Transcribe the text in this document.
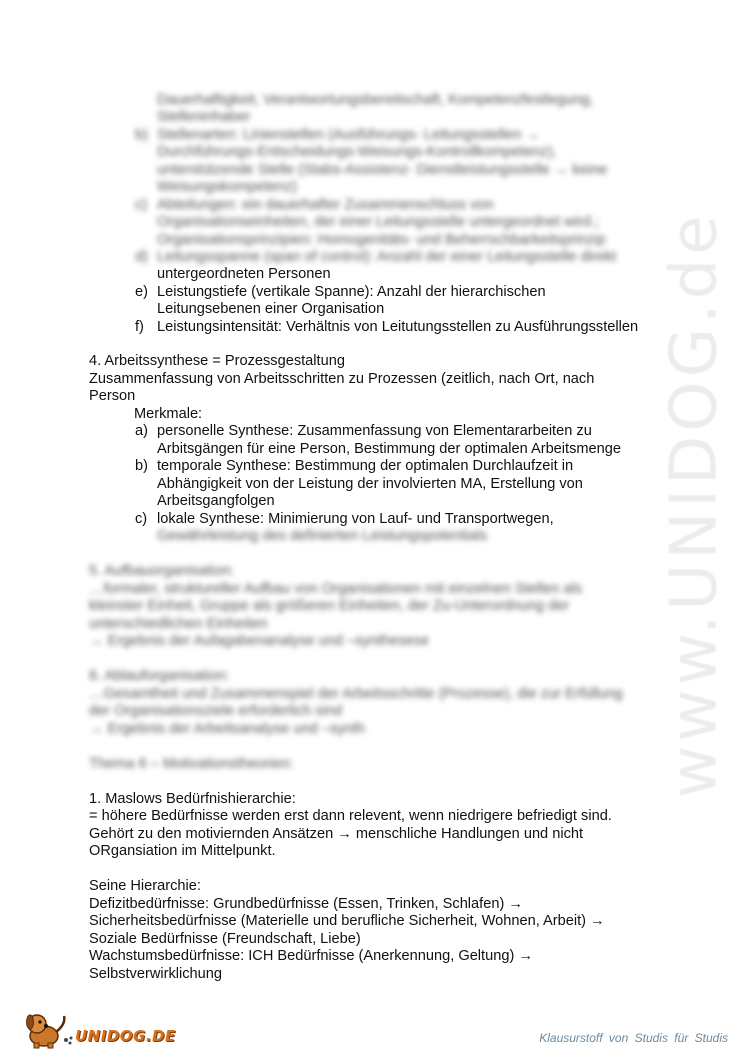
www.UNIDOG.de
Dauerhaftigkeit, Verantwortungsbereitschaft, Kompetenzfestlegung,
Stelleninhaber
b) Stellenarten: Linienstellen (Ausführungs- Leitungsstellen →
Durchführungs-Entscheidungs-Weisungs-Kontrollkompetenz),
unterstützende Stelle (Stabs-Assistenz- Dienstleistungsstelle → keine
Weisungskompetenz)
c) Abteilungen: ein dauerhafter Zusammenschluss von
Organisationseinheiten, der einer Leitungsstelle untergeordnet wird.;
Organisationsprinzipien: Homogenitäts- und Beherrschbarkeitsprinzip
d) Leitungsspanne (span of control): Anzahl der einer Leitungsstelle direkt
untergeordneten Personen
e) Leistungstiefe (vertikale Spanne): Anzahl der hierarchischen
Leitungsebenen einer Organisation
f) Leistungsintensität: Verhältnis von Leitutungsstellen zu Ausführungsstellen
4. Arbeitssynthese = Prozessgestaltung
Zusammenfassung von Arbeitsschritten zu Prozessen (zeitlich, nach Ort, nach
Person
Merkmale:
a) personelle Synthese: Zusammenfassung von Elementararbeiten zu
Arbitsgängen für eine Person, Bestimmung der optimalen Arbeitsmenge
b) temporale Synthese: Bestimmung der optimalen Durchlaufzeit in
Abhängigkeit von der Leistung der involvierten MA, Erstellung von
Arbeitsgangfolgen
c) lokale Synthese: Minimierung von Lauf- und Transportwegen,
Gewährleistung des definierten Leistungspotentials
5. Aufbauorganisation:
…formaler, struktureller Aufbau von Organisationen mit einzelnen Stellen als
kleinster Einheit, Gruppe als größeren Einheiten, der Zu-Unterordnung der
unterschiedlichen Einheiten
→ Ergebnis der Aufagabenanalyse und –synthesese
6. Ablauforganisation:
…Gesamtheit und Zusammenspiel der Arbeitsschritte (Prozesse), die zur Erfüllung
der Organisationsziele erforderlich sind
→ Ergebnis der Arbeitsanalyse und –synth
Thema 6 – Motivationstheorien:
1. Maslows Bedürfnishierarchie:
= höhere Bedürfnisse werden erst dann relevent, wenn niedrigere befriedigt sind.
Gehört zu den motiviernden Ansätzen → menschliche Handlungen und nicht
ORgansiation im Mittelpunkt.
Seine Hierarchie:
Defizitbedürfnisse: Grundbedürfnisse (Essen, Trinken, Schlafen) →
Sicherheitsbedürfnisse (Materielle und berufliche Sicherheit, Wohnen, Arbeit) →
Soziale Bedürfnisse (Freundschaft, Liebe)
Wachstumsbedürfnisse: ICH Bedürfnisse (Anerkennung, Geltung) →
Selbstverwirklichung
UNIDOG.DE	Klausurstoff von Studis für Studis
